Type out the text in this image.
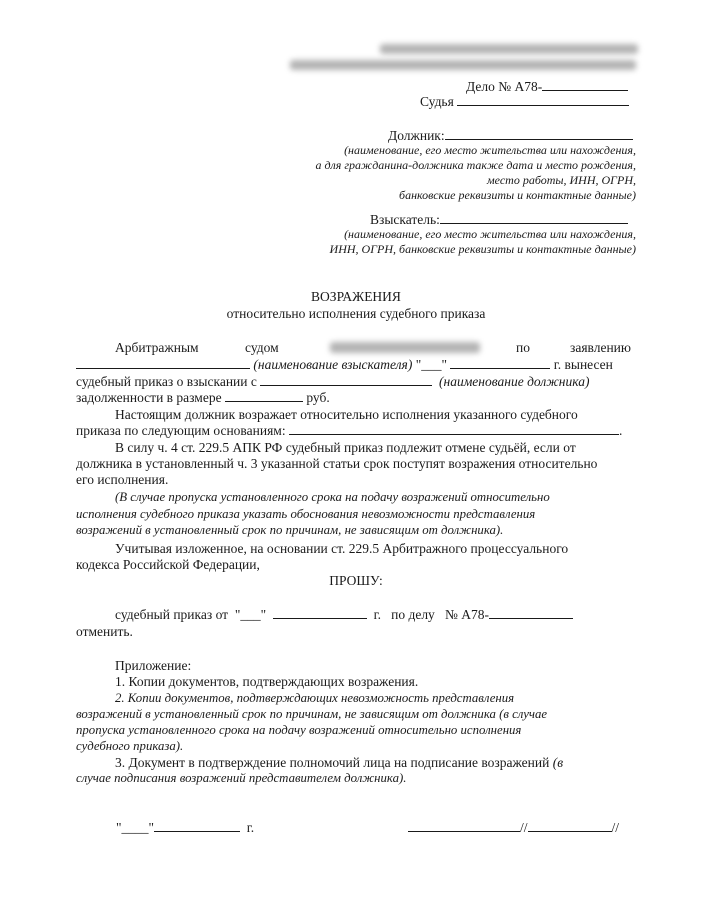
Дело № А78-
Судья
Должник:
(наименование, его место жительства или нахождения,
а для гражданина-должника также дата и место рождения,
место работы, ИНН, ОГРН,
банковские реквизиты и контактные данные)
Взыскатель:
(наименование, его место жительства или нахождения,
ИНН, ОГРН, банковские реквизиты и контактные данные)
ВОЗРАЖЕНИЯ
относительно исполнения судебного приказа
Арбитражным	судом	по	заявлению
(наименование взыскателя) "___"	г. вынесен
судебный приказ о взыскании с	(наименование должника)
задолженности в размере	руб.
Настоящим должник возражает относительно исполнения указанного судебного
приказа по следующим основаниям:	.
В силу ч. 4 ст. 229.5 АПК РФ судебный приказ подлежит отмене судьёй, если от
должника в установленный ч. 3 указанной статьи срок поступят возражения относительно
его исполнения.
(В случае пропуска установленного срока на подачу возражений относительно
исполнения судебного приказа указать обоснования невозможности представления
возражений в установленный срок по причинам, не зависящим от должника).
Учитывая изложенное, на основании ст. 229.5 Арбитражного процессуального
кодекса Российской Федерации,
ПРОШУ:
судебный приказ от "___"	г. по делу № А78-
отменить.
Приложение:
1. Копии документов, подтверждающих возражения.
2. Копии документов, подтверждающих невозможность представления
возражений в установленный срок по причинам, не зависящим от должника (в случае
пропуска установленного срока на подачу возражений относительно исполнения
судебного приказа).
3. Документ в подтверждение полномочий лица на подписание возражений (в
случае подписания возражений представителем должника).
"____"	г.	//	//
